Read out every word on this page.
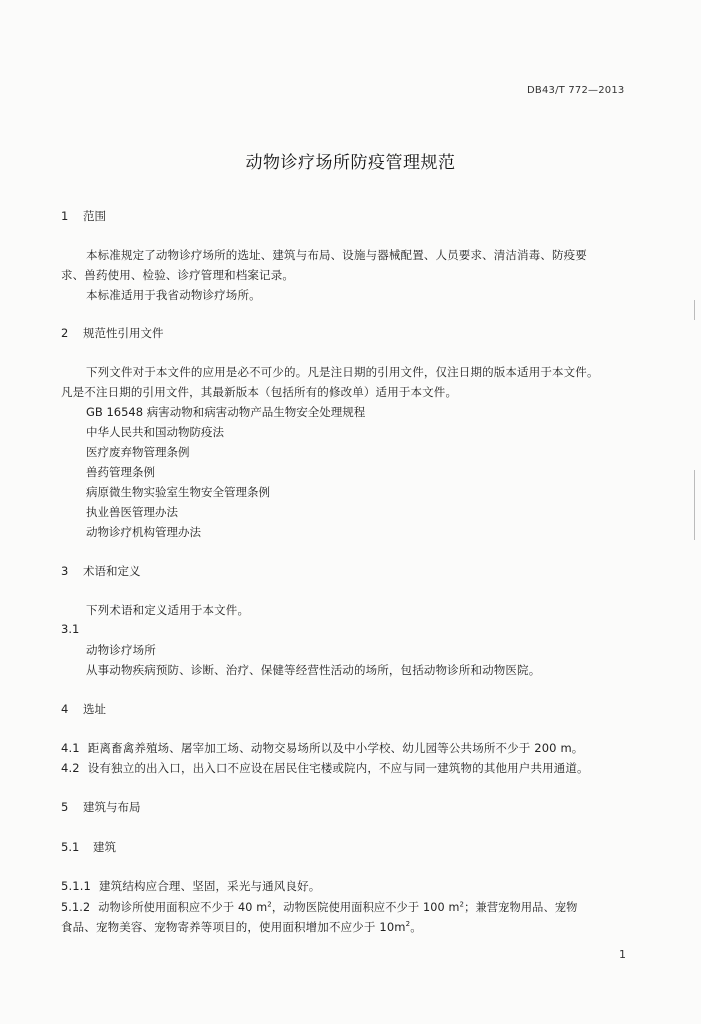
DB43/T 772—2013
动物诊疗场所防疫管理规范
1 范围
本标准规定了动物诊疗场所的选址、建筑与布局、设施与器械配置、人员要求、清洁消毒、防疫要
求、兽药使用、检验、诊疗管理和档案记录。
本标准适用于我省动物诊疗场所。
2 规范性引用文件
下列文件对于本文件的应用是必不可少的。凡是注日期的引用文件，仅注日期的版本适用于本文件。
凡是不注日期的引用文件，其最新版本（包括所有的修改单）适用于本文件。
GB 16548 病害动物和病害动物产品生物安全处理规程
中华人民共和国动物防疫法
医疗废弃物管理条例
兽药管理条例
病原微生物实验室生物安全管理条例
执业兽医管理办法
动物诊疗机构管理办法
3 术语和定义
下列术语和定义适用于本文件。
3.1
动物诊疗场所
从事动物疾病预防、诊断、治疗、保健等经营性活动的场所，包括动物诊所和动物医院。
4 选址
4.1 距离畜禽养殖场、屠宰加工场、动物交易场所以及中小学校、幼儿园等公共场所不少于 200 m。
4.2 设有独立的出入口，出入口不应设在居民住宅楼或院内，不应与同一建筑物的其他用户共用通道。
5 建筑与布局
5.1 建筑
5.1.1 建筑结构应合理、坚固，采光与通风良好。
5.1.2 动物诊所使用面积应不少于 40 $m^2$，动物医院使用面积应不少于 100 $m^2$；兼营宠物用品、宠物
食品、宠物美容、宠物寄养等项目的，使用面积增加不应少于 $10m^2$。
1
